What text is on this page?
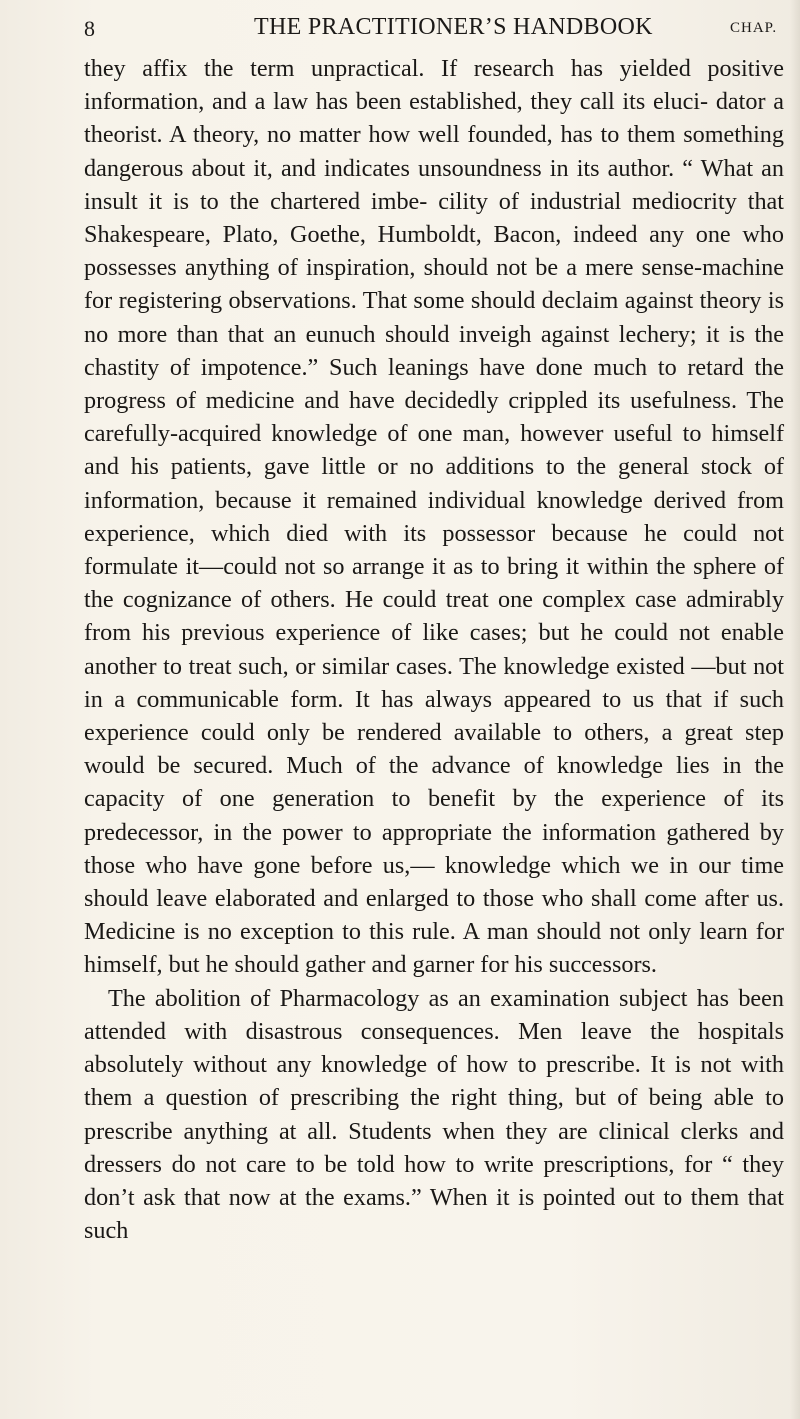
8	THE PRACTITIONER’S HANDBOOK	CHAP.

they affix the term unpractical. If research has yielded positive information, and a law has been established, they call its eluci- dator a theorist. A theory, no matter how well founded, has to them something dangerous about it, and indicates unsoundness in its author. “ What an insult it is to the chartered imbe- cility of industrial mediocrity that Shakespeare, Plato, Goethe, Humboldt, Bacon, indeed any one who possesses anything of inspiration, should not be a mere sense-machine for registering observations. That some should declaim against theory is no more than that an eunuch should inveigh against lechery; it is the chastity of impotence.” Such leanings have done much to retard the progress of medicine and have decidedly crippled its usefulness. The carefully-acquired knowledge of one man, however useful to himself and his patients, gave little or no additions to the general stock of information, because it remained individual knowledge derived from experience, which died with its possessor because he could not formulate it—could not so arrange it as to bring it within the sphere of the cognizance of others. He could treat one complex case admirably from his previous experience of like cases; but he could not enable another to treat such, or similar cases. The knowledge existed —but not in a communicable form. It has always appeared to us that if such experience could only be rendered available to others, a great step would be secured. Much of the advance of knowledge lies in the capacity of one generation to benefit by the experience of its predecessor, in the power to appropriate the information gathered by those who have gone before us,— knowledge which we in our time should leave elaborated and enlarged to those who shall come after us. Medicine is no exception to this rule. A man should not only learn for himself, but he should gather and garner for his successors.

The abolition of Pharmacology as an examination subject has been attended with disastrous consequences. Men leave the hospitals absolutely without any knowledge of how to prescribe. It is not with them a question of prescribing the right thing, but of being able to prescribe anything at all. Students when they are clinical clerks and dressers do not care to be told how to write prescriptions, for “ they don’t ask that now at the exams.” When it is pointed out to them that such
